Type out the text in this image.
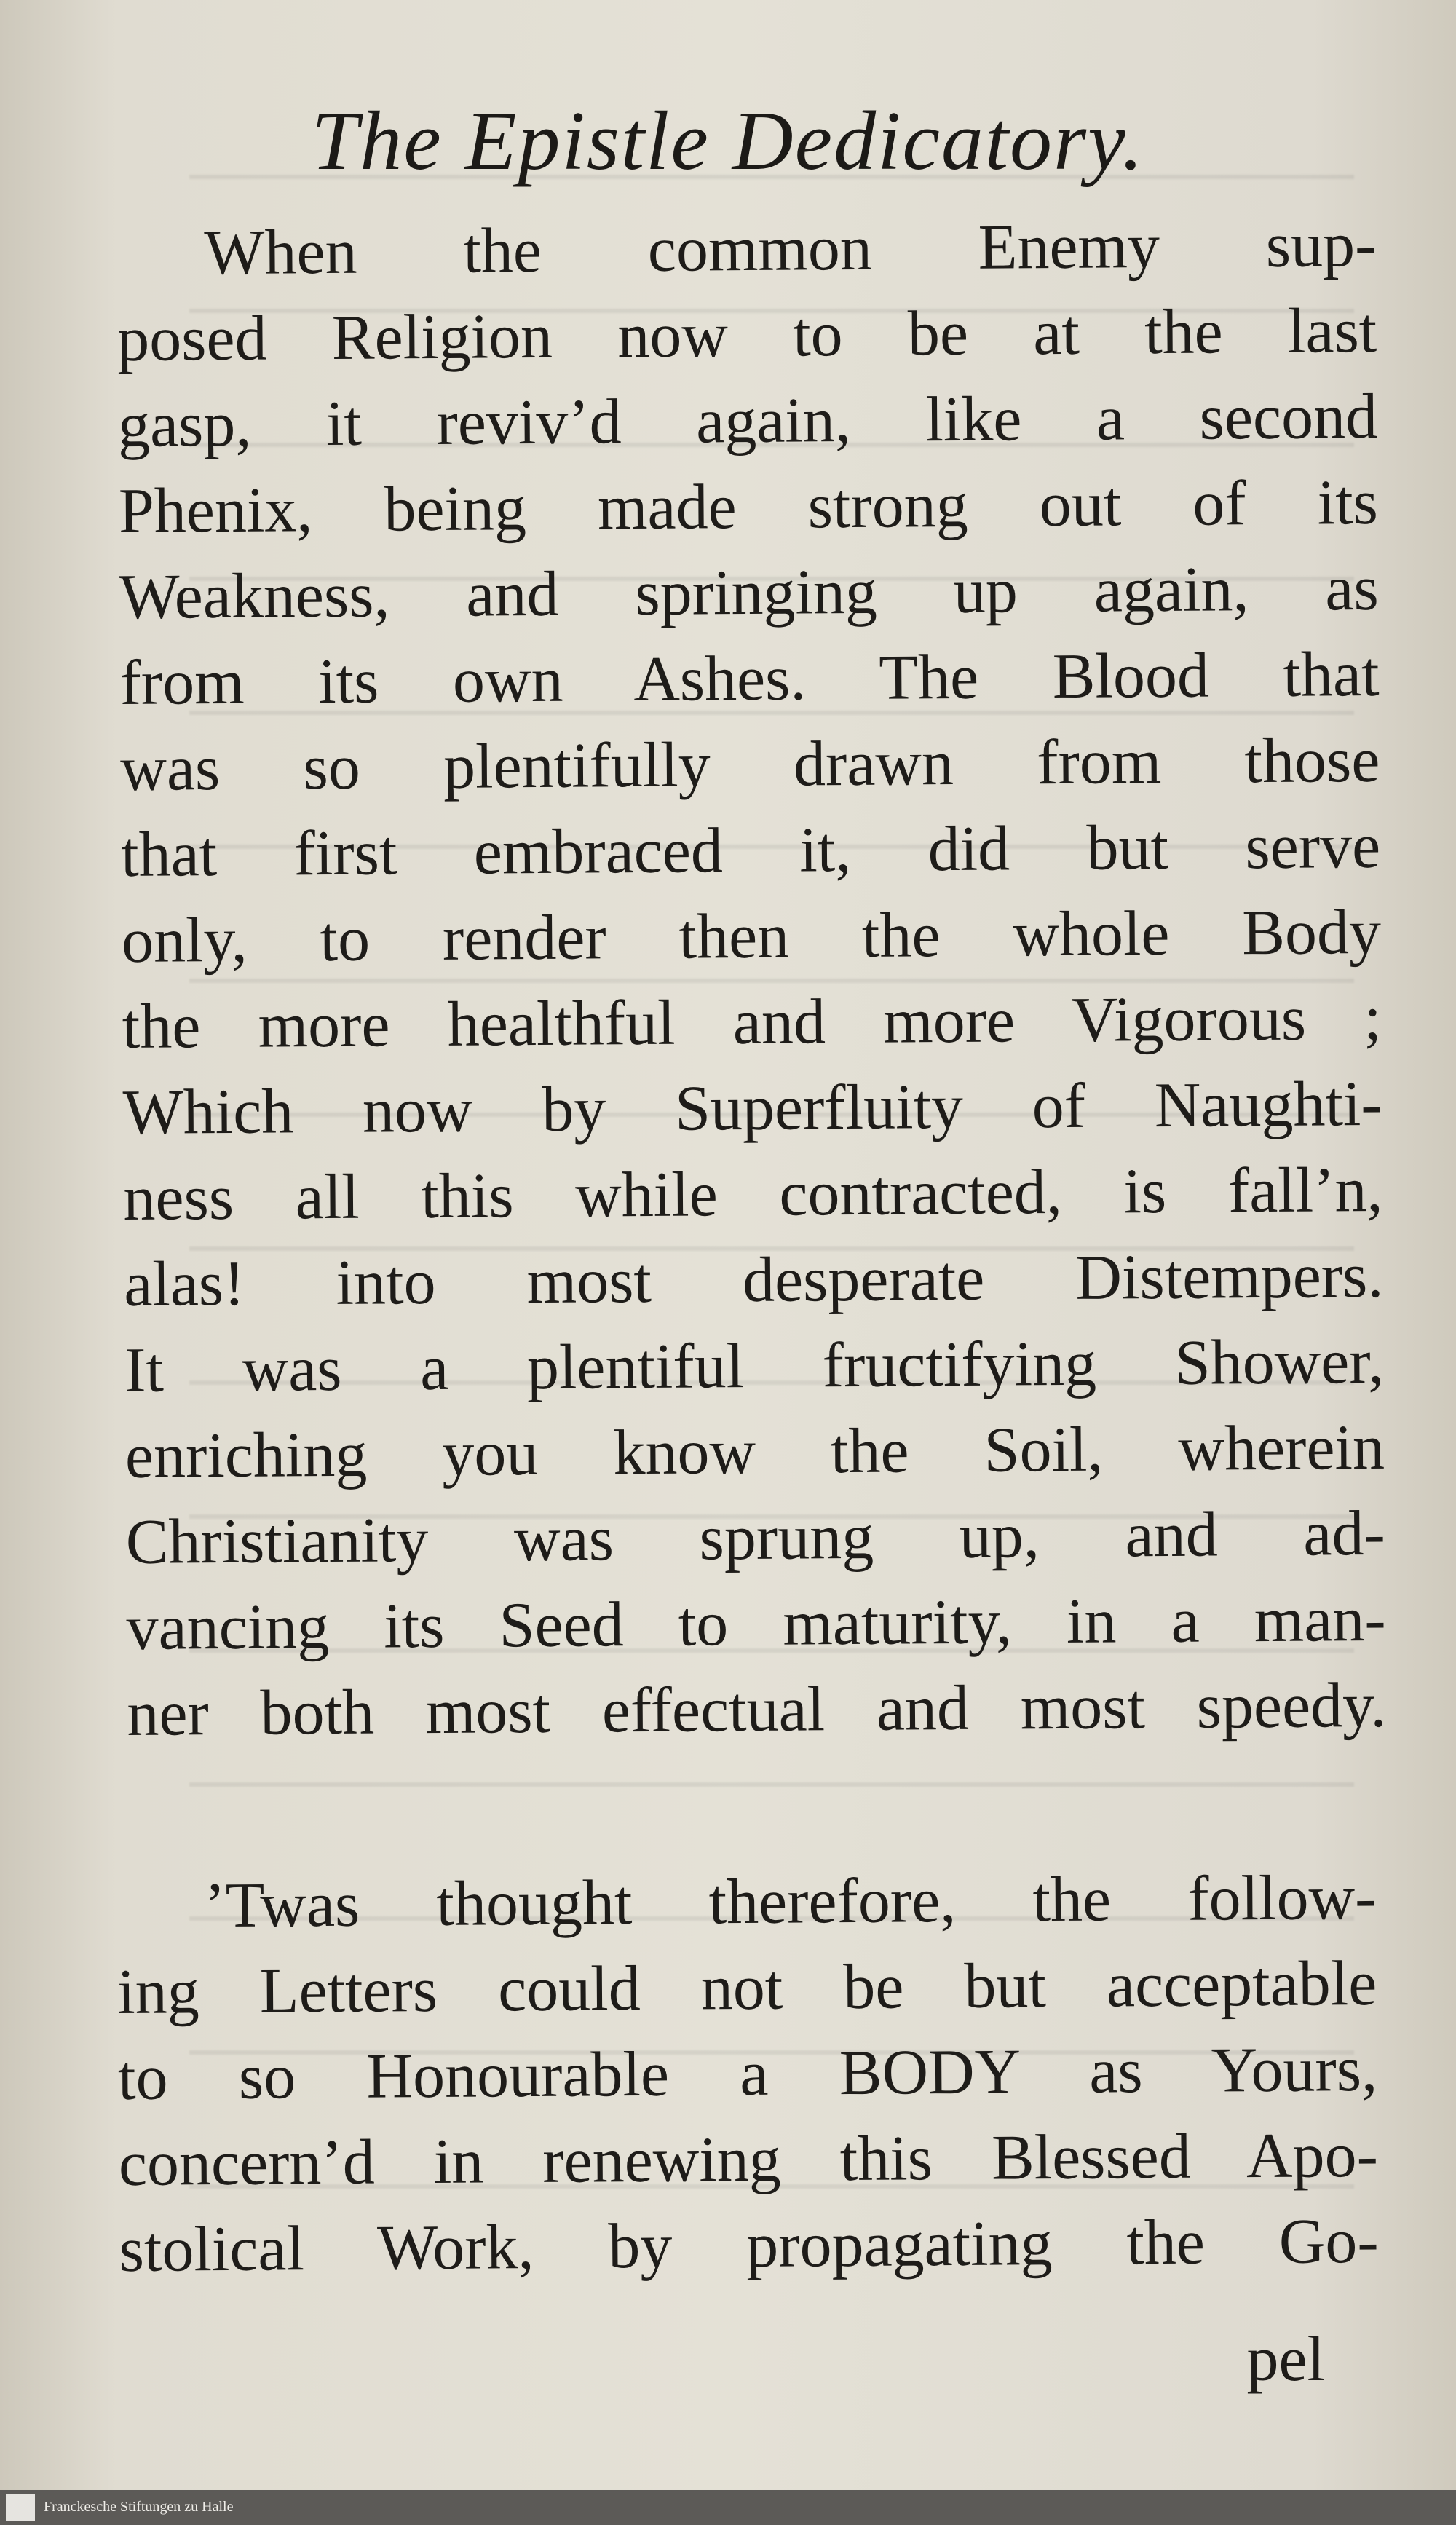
The Epistle Dedicatory.

When the common Enemy sup-
posed Religion now to be at the last
gasp, it reviv’d again, like a second
Phenix, being made strong out of its
Weakness, and springing up again, as
from its own Ashes. The Blood that
was so plentifully drawn from those
that first embraced it, did but serve
only, to render then the whole Body
the more healthful and more Vigorous ;
Which now by Superfluity of Naughti-
ness all this while contracted, is fall’n,
alas! into most desperate Distempers.
It was a plentiful fructifying Shower,
enriching you know the Soil, wherein
Christianity was sprung up, and ad-
vancing its Seed to maturity, in a man-
ner both most effectual and most speedy.

’Twas thought therefore, the follow-
ing Letters could not be but acceptable
to so Honourable a BODY as Yours,
concern’d in renewing this Blessed Apo-
stolical Work, by propagating the Go-

pel
Franckesche Stiftungen zu Halle
